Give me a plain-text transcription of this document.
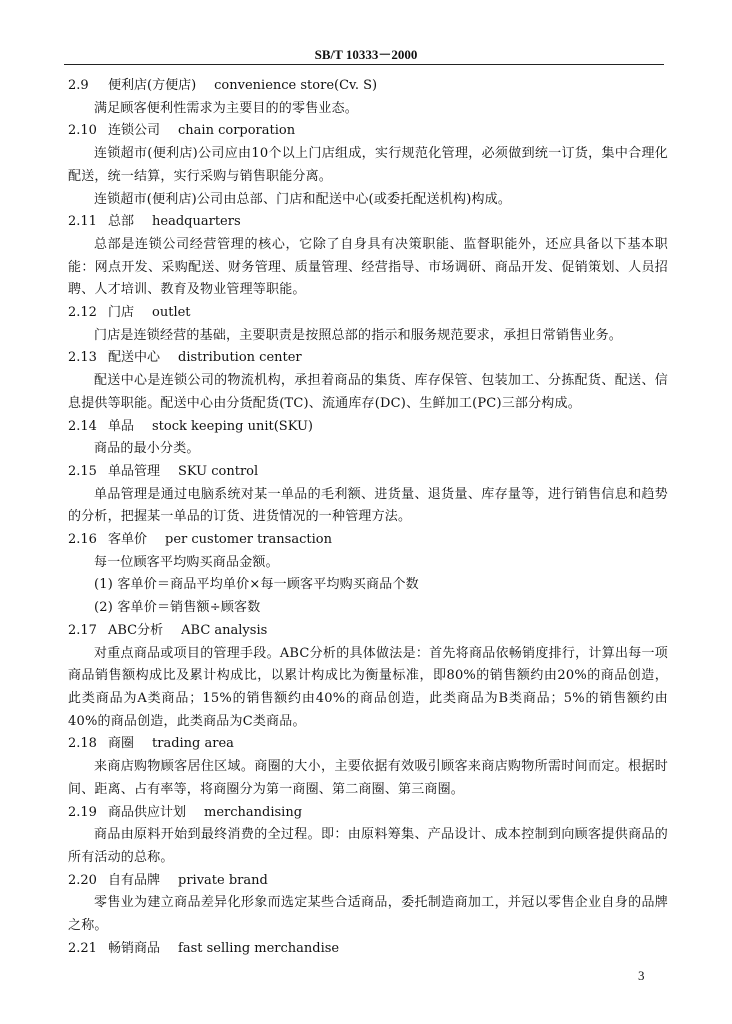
SB/T 10333－2000
2.9 便利店(方便店) convenience store(Cv. S)
满足顾客便利性需求为主要目的的零售业态。
2.10 连锁公司 chain corporation
连锁超市(便利店)公司应由10个以上门店组成，实行规范化管理，必须做到统一订货，集中合理化配送，统一结算，实行采购与销售职能分离。
连锁超市(便利店)公司由总部、门店和配送中心(或委托配送机构)构成。
2.11 总部 headquarters
总部是连锁公司经营管理的核心，它除了自身具有决策职能、监督职能外，还应具备以下基本职能：网点开发、采购配送、财务管理、质量管理、经营指导、市场调研、商品开发、促销策划、人员招聘、人才培训、教育及物业管理等职能。
2.12 门店 outlet
门店是连锁经营的基础，主要职责是按照总部的指示和服务规范要求，承担日常销售业务。
2.13 配送中心 distribution center
配送中心是连锁公司的物流机构，承担着商品的集货、库存保管、包装加工、分拣配货、配送、信息提供等职能。配送中心由分货配货(TC)、流通库存(DC)、生鲜加工(PC)三部分构成。
2.14 单品 stock keeping unit(SKU)
商品的最小分类。
2.15 单品管理 SKU control
单品管理是通过电脑系统对某一单品的毛利额、进货量、退货量、库存量等，进行销售信息和趋势的分析，把握某一单品的订货、进货情况的一种管理方法。
2.16 客单价 per customer transaction
每一位顾客平均购买商品金额。
(1) 客单价＝商品平均单价×每一顾客平均购买商品个数
(2) 客单价＝销售额÷顾客数
2.17 ABC分析 ABC analysis
对重点商品或项目的管理手段。ABC分析的具体做法是：首先将商品依畅销度排行，计算出每一项商品销售额构成比及累计构成比，以累计构成比为衡量标准，即80%的销售额约由20%的商品创造，此类商品为A类商品；15%的销售额约由40%的商品创造，此类商品为B类商品；5%的销售额约由40%的商品创造，此类商品为C类商品。
2.18 商圈 trading area
来商店购物顾客居住区域。商圈的大小，主要依据有效吸引顾客来商店购物所需时间而定。根据时间、距离、占有率等，将商圈分为第一商圈、第二商圈、第三商圈。
2.19 商品供应计划 merchandising
商品由原料开始到最终消费的全过程。即：由原料筹集、产品设计、成本控制到向顾客提供商品的所有活动的总称。
2.20 自有品牌 private brand
零售业为建立商品差异化形象而选定某些合适商品，委托制造商加工，并冠以零售企业自身的品牌之称。
2.21 畅销商品 fast selling merchandise
3
